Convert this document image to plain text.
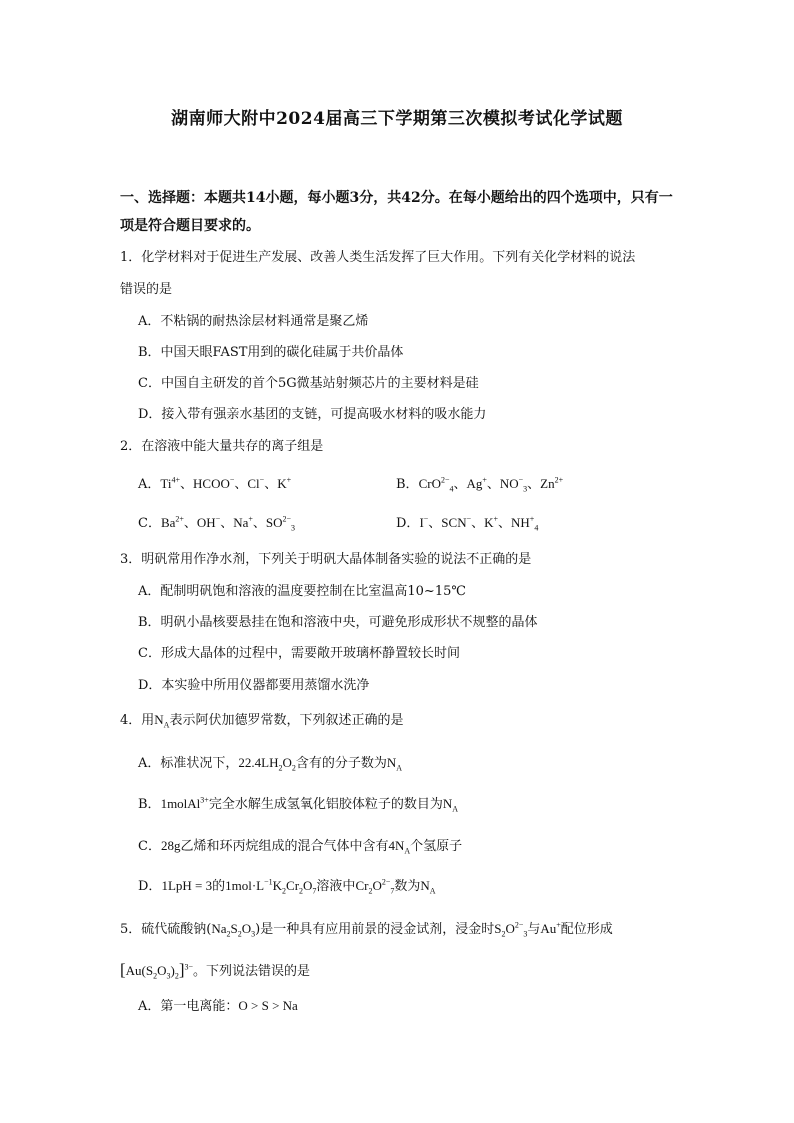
湖南师大附中2024届高三下学期第三次模拟考试化学试题
一、选择题：本题共14小题，每小题3分，共42分。在每小题给出的四个选项中，只有一项是符合题目要求的。
1．化学材料对于促进生产发展、改善人类生活发挥了巨大作用。下列有关化学材料的说法
错误的是
A．不粘锅的耐热涂层材料通常是聚乙烯
B．中国天眼FAST用到的碳化硅属于共价晶体
C．中国自主研发的首个5G微基站射频芯片的主要材料是硅
D．接入带有强亲水基团的支链，可提高吸水材料的吸水能力
2．在溶液中能大量共存的离子组是
A．$Ti^{4+}$、HCOO−、Cl−、K+	B．CrO$^{2-}_4$、Ag+、$NO^-_3$、$Zn^{2+}$
C．$Ba^{2+}$、OH−、Na+、$SO^{2-}_3$	D．I−、SCN−、K+、$NH^+_4$
3．明矾常用作净水剂，下列关于明矾大晶体制备实验的说法不正确的是
A．配制明矾饱和溶液的温度要控制在比室温高10~15℃
B．明矾小晶核要悬挂在饱和溶液中央，可避免形成形状不规整的晶体
C．形成大晶体的过程中，需要敞开玻璃杯静置较长时间
D．本实验中所用仪器都要用蒸馏水洗净
4．用$N_A$表示阿伏加德罗常数，下列叙述正确的是
A．标准状况下，$22.4LH_2O_2$含有的分子数为$N_A$
B．1molAl$^{3+}$完全水解生成氢氧化铝胶体粒子的数目为$N_A$
C．28g乙烯和环丙烷组成的混合气体中含有$4N_A$个氢原子
D．1LpH = 3的$1mol\cdot L^{-1}K_2Cr_2O_7$溶液中$Cr_2O^{2-}_7$数为$N_A$
5．硫代硫酸钠$(Na_2S_2O_3)$是一种具有应用前景的浸金试剂，浸金时$S_2O^{2-}_3$与Au+配位形成
$[Au(S_2O_3)_2]^{3-}$。下列说法错误的是
A．第一电离能：O > S > Na
